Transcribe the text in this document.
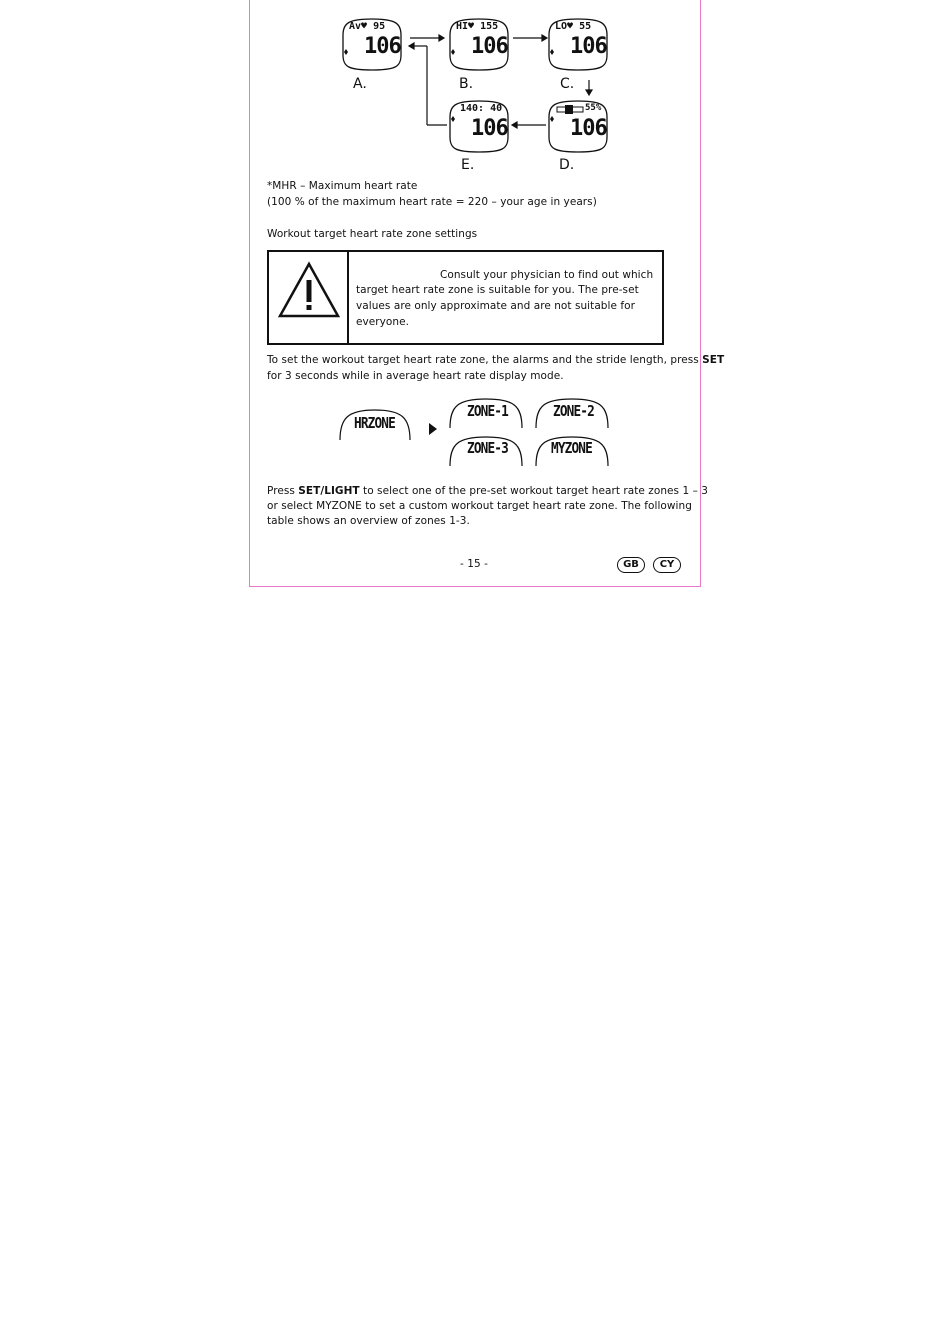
Av♥ 95
106
A.
HI♥ 155
106
B.
LO♥ 55
106
C.
140: 40
106
E.
55%
106
D.
*MHR – Maximum heart rate
(100 % of the maximum heart rate = 220 – your age in years)
Workout target heart rate zone settings
Consult your physician to find out which
target heart rate zone is suitable for you. The pre-set
values are only approximate and are not suitable for
everyone.
To set the workout target heart rate zone, the alarms and the stride length, press SET
for 3 seconds while in average heart rate display mode.
HRZONE
ZONE-1	ZONE-2
ZONE-3	MYZONE
Press SET/LIGHT to select one of the pre-set workout target heart rate zones 1 – 3
or select MYZONE to set a custom workout target heart rate zone. The following
table shows an overview of zones 1-3.
- 15 -	GB	CY
